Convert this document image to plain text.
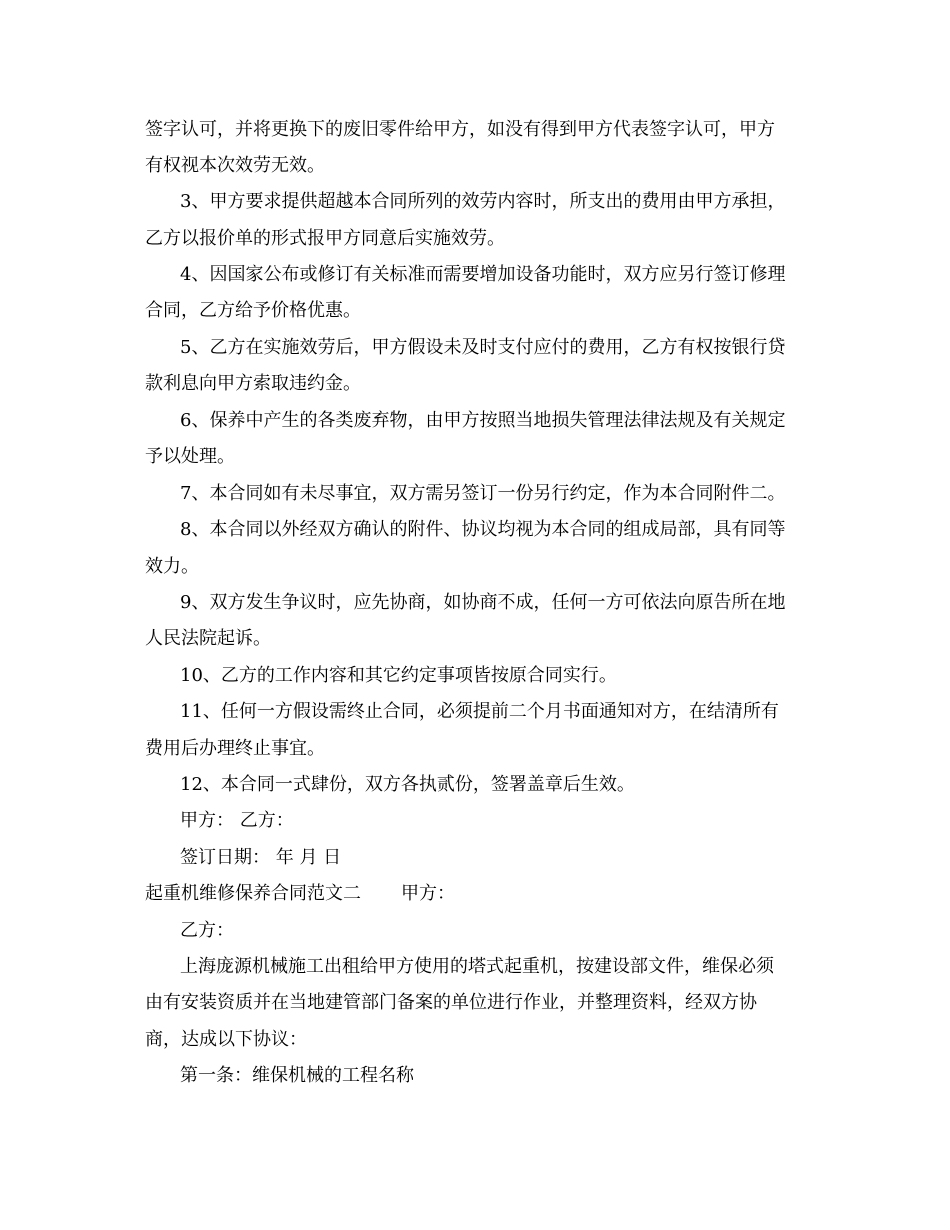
签字认可，并将更换下的废旧零件给甲方，如没有得到甲方代表签字认可，甲方
有权视本次效劳无效。
3、甲方要求提供超越本合同所列的效劳内容时，所支出的费用由甲方承担，
乙方以报价单的形式报甲方同意后实施效劳。
4、因国家公布或修订有关标准而需要增加设备功能时，双方应另行签订修理
合同，乙方给予价格优惠。
5、乙方在实施效劳后，甲方假设未及时支付应付的费用，乙方有权按银行贷
款利息向甲方索取违约金。
6、保养中产生的各类废弃物，由甲方按照当地损失管理法律法规及有关规定
予以处理。
7、本合同如有未尽事宜，双方需另签订一份另行约定，作为本合同附件二。
8、本合同以外经双方确认的附件、协议均视为本合同的组成局部，具有同等
效力。
9、双方发生争议时，应先协商，如协商不成，任何一方可依法向原告所在地
人民法院起诉。
10、乙方的工作内容和其它约定事项皆按原合同实行。
11、任何一方假设需终止合同，必须提前二个月书面通知对方，在结清所有
费用后办理终止事宜。
12、本合同一式肆份，双方各执贰份，签署盖章后生效。
甲方： 乙方：
签订日期： 年 月 日
起重机维修保养合同范文二 甲方：
乙方：
上海庞源机械施工出租给甲方使用的塔式起重机，按建设部文件，维保必须
由有安装资质并在当地建管部门备案的单位进行作业，并整理资料，经双方协
商，达成以下协议：
第一条：维保机械的工程名称
